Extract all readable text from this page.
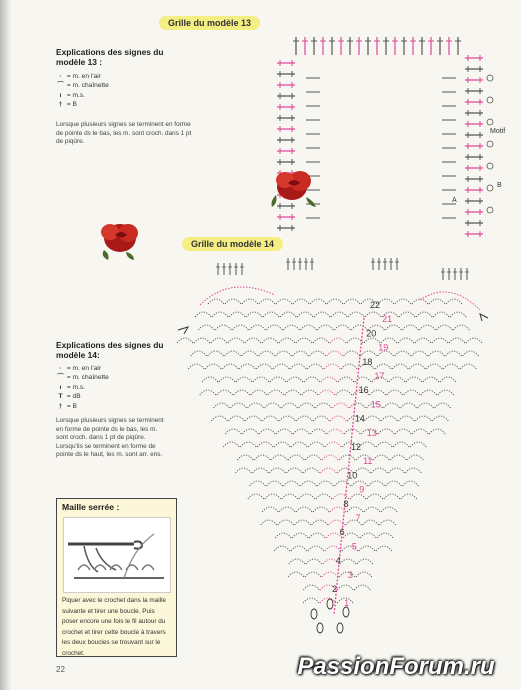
Grille du modèle 13
Explications des signes du modèle 13 :
· = m. en l'air
⌒ = m. chaînette
ı = m.s.
† = B
Lorsque plusieurs signes se terminent en forme de pointe ds le bas, les m. sont croch. dans 1 pt de piqûre.
Motif
B
A
Grille du modèle 14
Explications des signes du modèle 14:
· = m. en l'air
⌒ = m. chaînette
ı = m.s.
T = dB
† = B
Lorsque plusieurs signes se terminent en forme de pointe ds le bas, les m. sont croch. dans 1 pt de piqûre. Lorsqu'ils se terminent en forme de pointe ds le haut, les m. sont arr. ens.
22
21
20
19
18
17
16
15
14
13
12
11
10
9
8
7
6
5
4
3
2
1
Maille serrée :
Piquer avec le crochet dans la maille suivante et tirer une boucle. Puis poser encore une fois le fil autour du crochet et tirer cette boucle à travers les deux boucles se trouvant sur le crochet.
22	PassionForum.ru
